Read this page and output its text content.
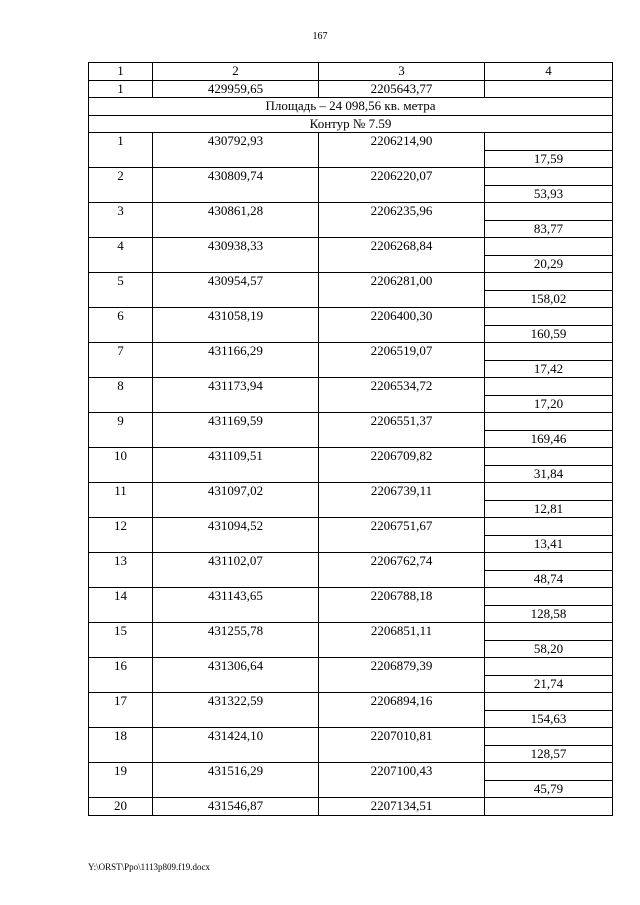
167
1	2	3	4
1	429959,65	2205643,77	
Площадь – 24 098,56 кв. метра			
Контур № 7.59			
1	430792,93	2206214,90	
			17,59
2	430809,74	2206220,07	
			53,93
3	430861,28	2206235,96	
			83,77
4	430938,33	2206268,84	
			20,29
5	430954,57	2206281,00	
			158,02
6	431058,19	2206400,30	
			160,59
7	431166,29	2206519,07	
			17,42
8	431173,94	2206534,72	
			17,20
9	431169,59	2206551,37	
			169,46
10	431109,51	2206709,82	
			31,84
11	431097,02	2206739,11	
			12,81
12	431094,52	2206751,67	
			13,41
13	431102,07	2206762,74	
			48,74
14	431143,65	2206788,18	
			128,58
15	431255,78	2206851,11	
			58,20
16	431306,64	2206879,39	
			21,74
17	431322,59	2206894,16	
			154,63
18	431424,10	2207010,81	
			128,57
19	431516,29	2207100,43	
			45,79
20	431546,87	2207134,51	
Y:\ORST\Ppo\1113p809.f19.docx
